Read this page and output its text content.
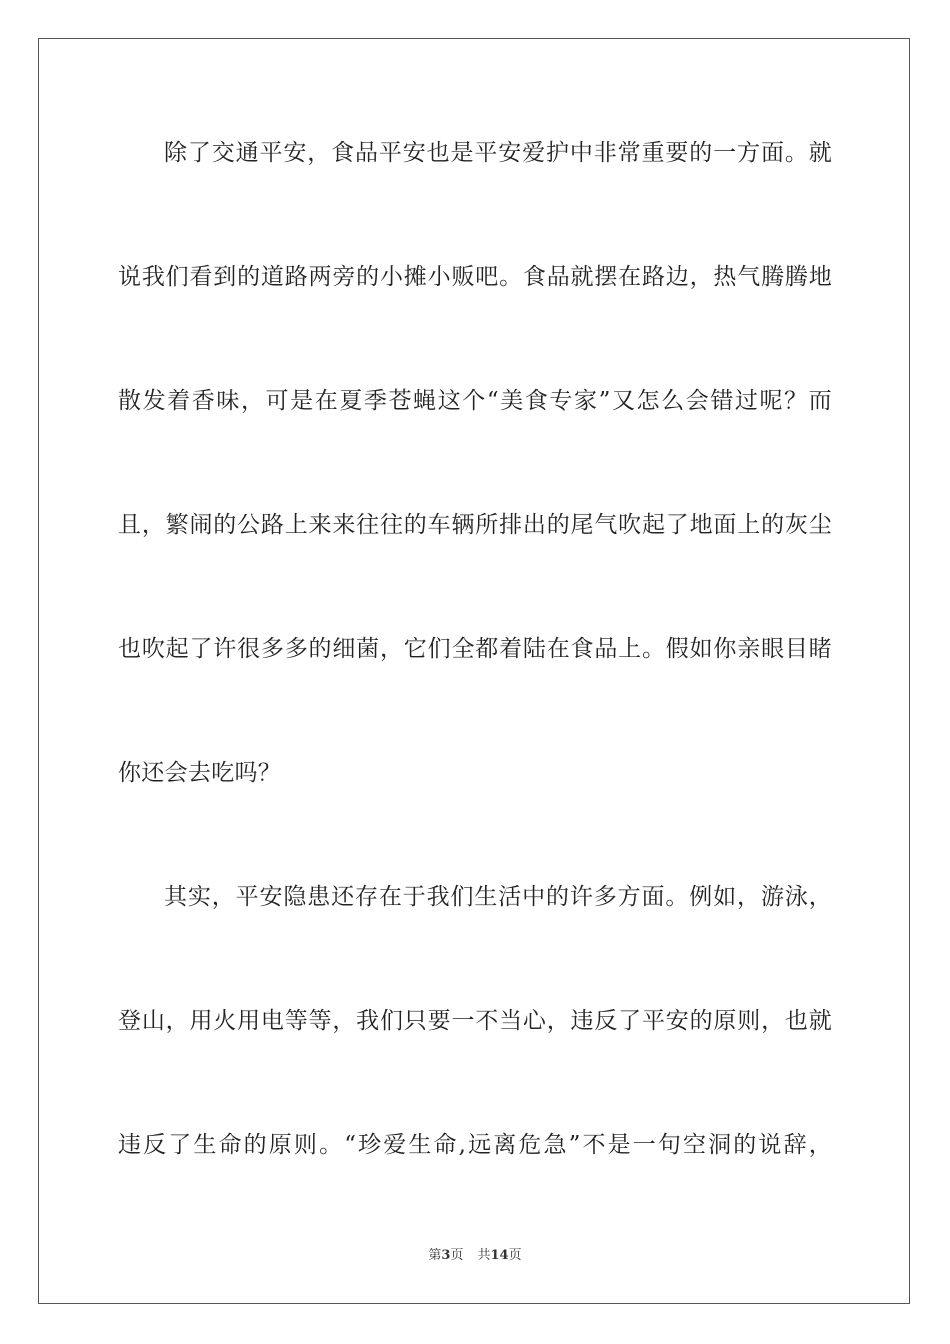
除了交通平安，食品平安也是平安爱护中非常重要的一方面。就
说我们看到的道路两旁的小摊小贩吧。食品就摆在路边，热气腾腾地
散发着香味，可是在夏季苍蝇这个“美食专家”又怎么会错过呢？而
且，繁闹的公路上来来往往的车辆所排出的尾气吹起了地面上的灰尘
也吹起了许很多多的细菌，它们全都着陆在食品上。假如你亲眼目睹
你还会去吃吗？
其实，平安隐患还存在于我们生活中的许多方面。例如，游泳，
登山，用火用电等等，我们只要一不当心，违反了平安的原则，也就
违反了生命的原则。“珍爱生命,远离危急”不是一句空洞的说辞，
第3页 共14页
